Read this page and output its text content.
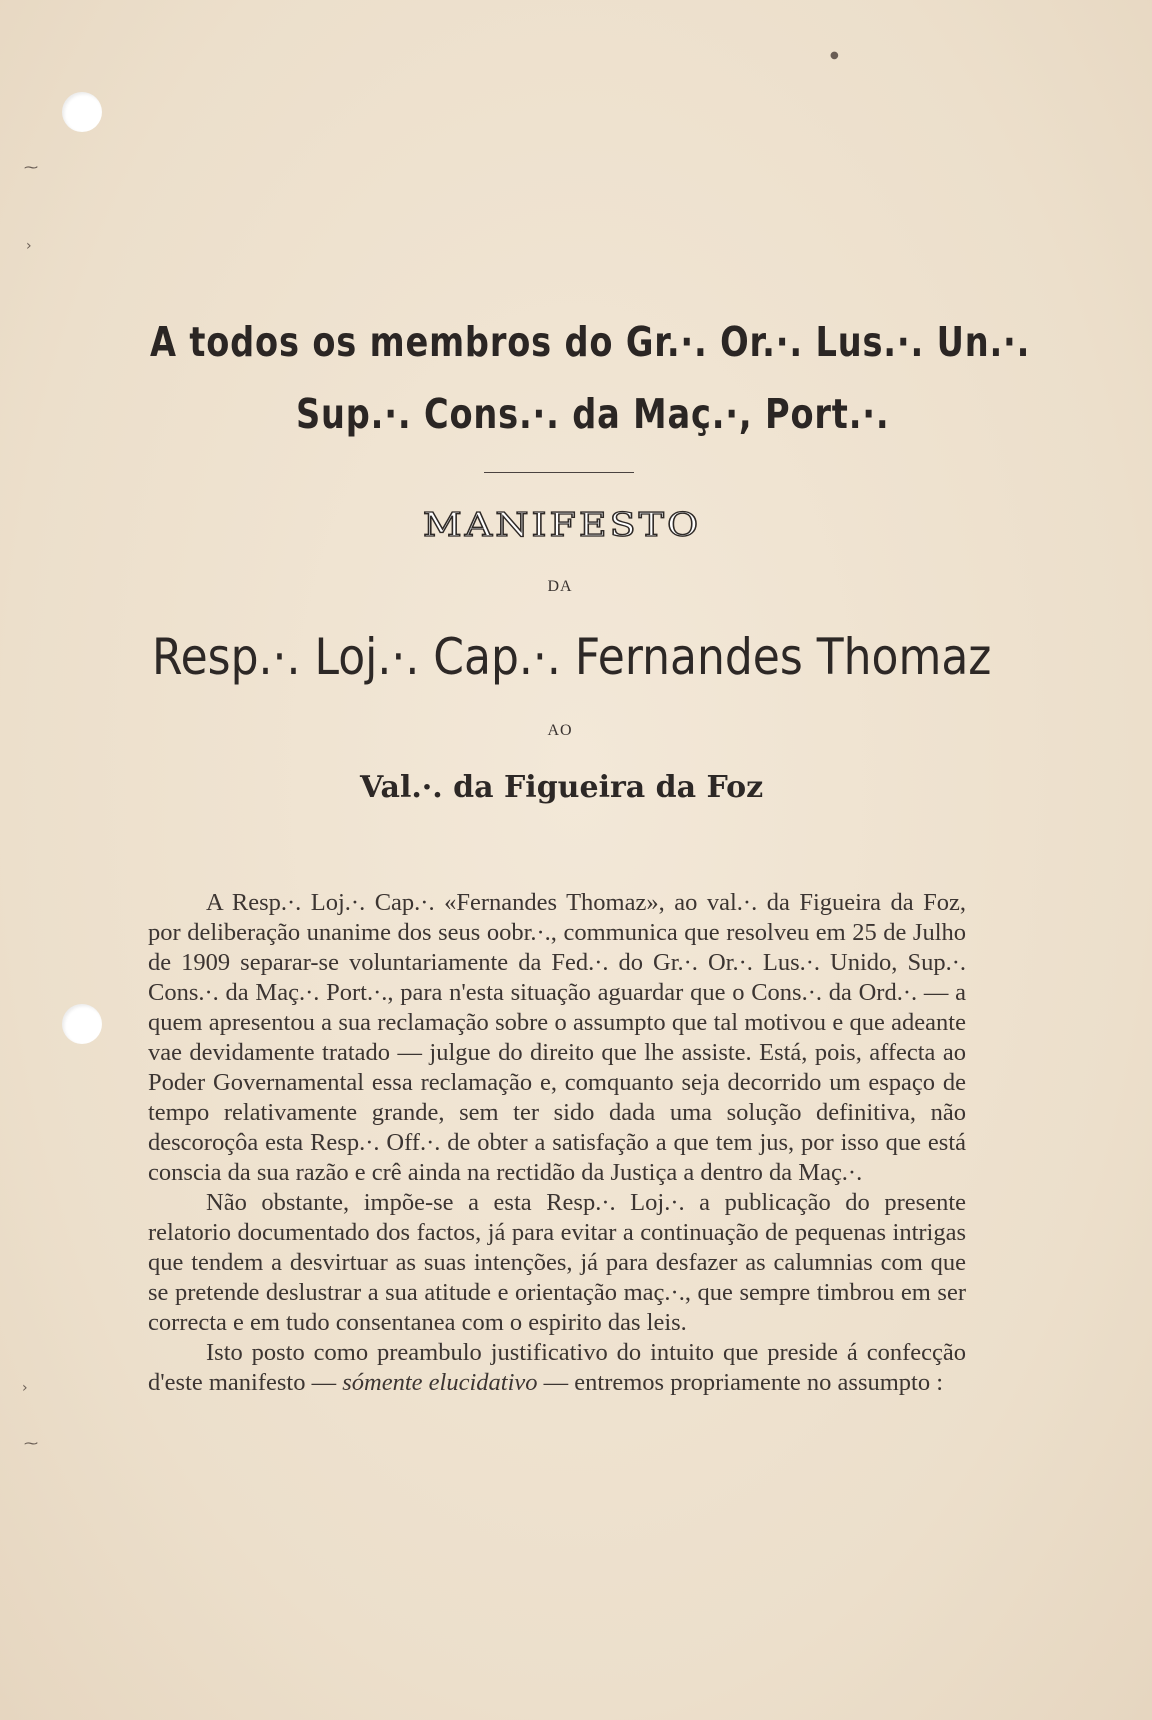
⁓
›
›
⁓
●
A todos os membros do Gr.·. Or.·. Lus.·. Un.·.
Sup.·. Cons.·. da Maç.·, Port.·.
MANIFESTO
DA
Resp.·. Loj.·. Cap.·. Fernandes Thomaz
AO
Val.·. da Figueira da Foz

A Resp.·. Loj.·. Cap.·. «Fernandes Thomaz», ao val.·. da Figueira da Foz, por deliberação unanime dos seus oobr.·., communica que resolveu em 25 de Julho de 1909 separar-se voluntariamente da Fed.·. do Gr.·. Or.·. Lus.·. Unido, Sup.·. Cons.·. da Maç.·. Port.·., para n'esta situação aguardar que o Cons.·. da Ord.·. — a quem apresentou a sua reclamação sobre o assumpto que tal motivou e que adeante vae devidamente tratado — julgue do direito que lhe assiste. Está, pois, affecta ao Poder Governamental essa reclamação e, comquanto seja decorrido um espaço de tempo relativamente grande, sem ter sido dada uma solução definitiva, não descoroçôa esta Resp.·. Off.·. de obter a satisfação a que tem jus, por isso que está conscia da sua razão e crê ainda na rectidão da Justiça a dentro da Maç.·.

Não obstante, impõe-se a esta Resp.·. Loj.·. a publicação do presente relatorio documentado dos factos, já para evitar a continuação de pequenas intrigas que tendem a desvirtuar as suas intenções, já para desfazer as calumnias com que se pretende deslustrar a sua atitude e orientação maç.·., que sempre timbrou em ser correcta e em tudo consentanea com o espirito das leis.

Isto posto como preambulo justificativo do intuito que preside á confecção d'este manifesto — sómente elucidativo — entremos propriamente no assumpto :
